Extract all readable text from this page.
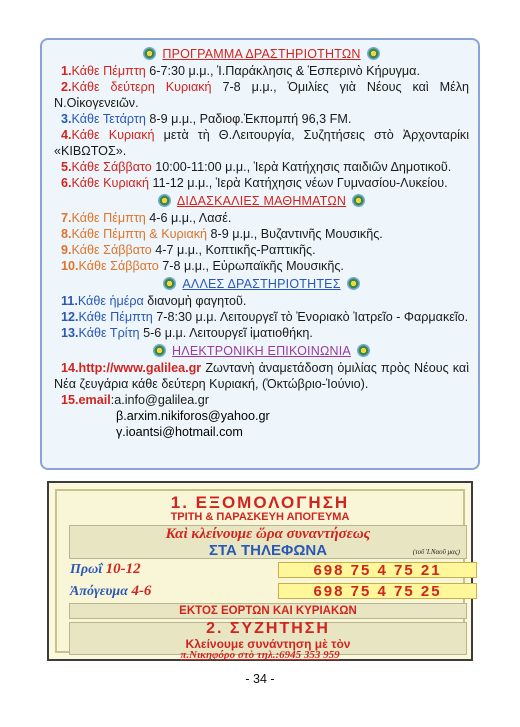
ΠΡΟΓΡΑΜΜΑ ΔΡΑΣΤΗΡΙΟΤΗΤΩΝ

1.Κάθε Πέμπτη 6-7:30 μ.μ., Ἱ.Παράκλησις & Ἑσπερινὸ Κήρυγμα.

2.Κάθε δεύτερη Κυριακή 7-8 μ.μ., Ὁμιλίες γιὰ Νέους καὶ Μέλη Ν.Οἰκογενειῶν.

3.Κάθε Τετάρτη 8-9 μ.μ., Ραδιοφ.Ἐκπομπή 96,3 FM.

4.Κάθε Κυριακή μετὰ τὴ Θ.Λειτουργία, Συζητήσεις στὸ Ἀρχονταρίκι «ΚΙΒΩΤΟΣ».

5.Κάθε Σάββατο 10:00-11:00 μ.μ., Ἱερὰ Κατήχησις παιδιῶν Δημοτικοῦ.

6.Κάθε Κυριακή 11-12 μ.μ., Ἱερὰ Κατήχησις νέων Γυμνασίου-Λυκείου.

ΔΙΔΑΣΚΑΛΙΕΣ ΜΑΘΗΜΑΤΩΝ

7.Κάθε Πέμπτη 4-6 μ.μ., Λασέ.

8.Κάθε Πέμπτη & Κυριακή 8-9 μ.μ., Βυζαντινῆς Μουσικῆς.

9.Κάθε Σάββατο 4-7 μ.μ., Κοπτικῆς-Ραπτικῆς.

10.Κάθε Σάββατο 7-8 μ.μ., Εὐρωπαϊκῆς Μουσικῆς.

ΑΛΛΕΣ ΔΡΑΣΤΗΡΙΟΤΗΤΕΣ

11.Κάθε ἡμέρα διανομὴ φαγητοῦ.

12.Κάθε Πέμπτη 7-8:30 μ.μ. Λειτουργεῖ τὸ Ἐνοριακὸ Ἰατρεῖο - Φαρμακεῖο.

13.Κάθε Τρίτη 5-6 μ.μ. Λειτουργεῖ ἱματιοθήκη.

ΗΛΕΚΤΡΟΝΙΚΗ ΕΠΙΚΟΙΝΩΝΙΑ

14.http://www.galilea.gr Ζωντανὴ ἀναμετάδοση ὁμιλίας πρὸς Νέους καὶ Νέα ζευγάρια κάθε δεύτερη Κυριακή, (Ὀκτώβριο-Ἰούνιο).

15.email:a.info@galilea.gr

β.arxim.nikiforos@yahoo.gr
γ.ioantsi@hotmail.com
1. ΕΞΟΜΟΛΟΓΗΣΗ
ΤΡΙΤΗ & ΠΑΡΑΣΚΕΥΗ ΑΠΟΓΕΥΜΑ
Καὶ κλείνουμε ὥρα συναντήσεως
ΣΤΑ ΤΗΛΕΦΩΝΑ	(τοῦ Ἱ.Ναοῦ μας)
Πρωΐ 10-12	698 75 4 75 21
Ἀπόγευμα 4-6	698 75 4 75 25
ΕΚΤΟΣ ΕΟΡΤΩΝ ΚΑΙ ΚΥΡΙΑΚΩΝ
2. ΣΥΖΗΤΗΣΗ
Κλείνουμε συνάντηση μὲ τὸν
π.Νικηφόρο στὸ τηλ.:6945 353 959
- 34 -
